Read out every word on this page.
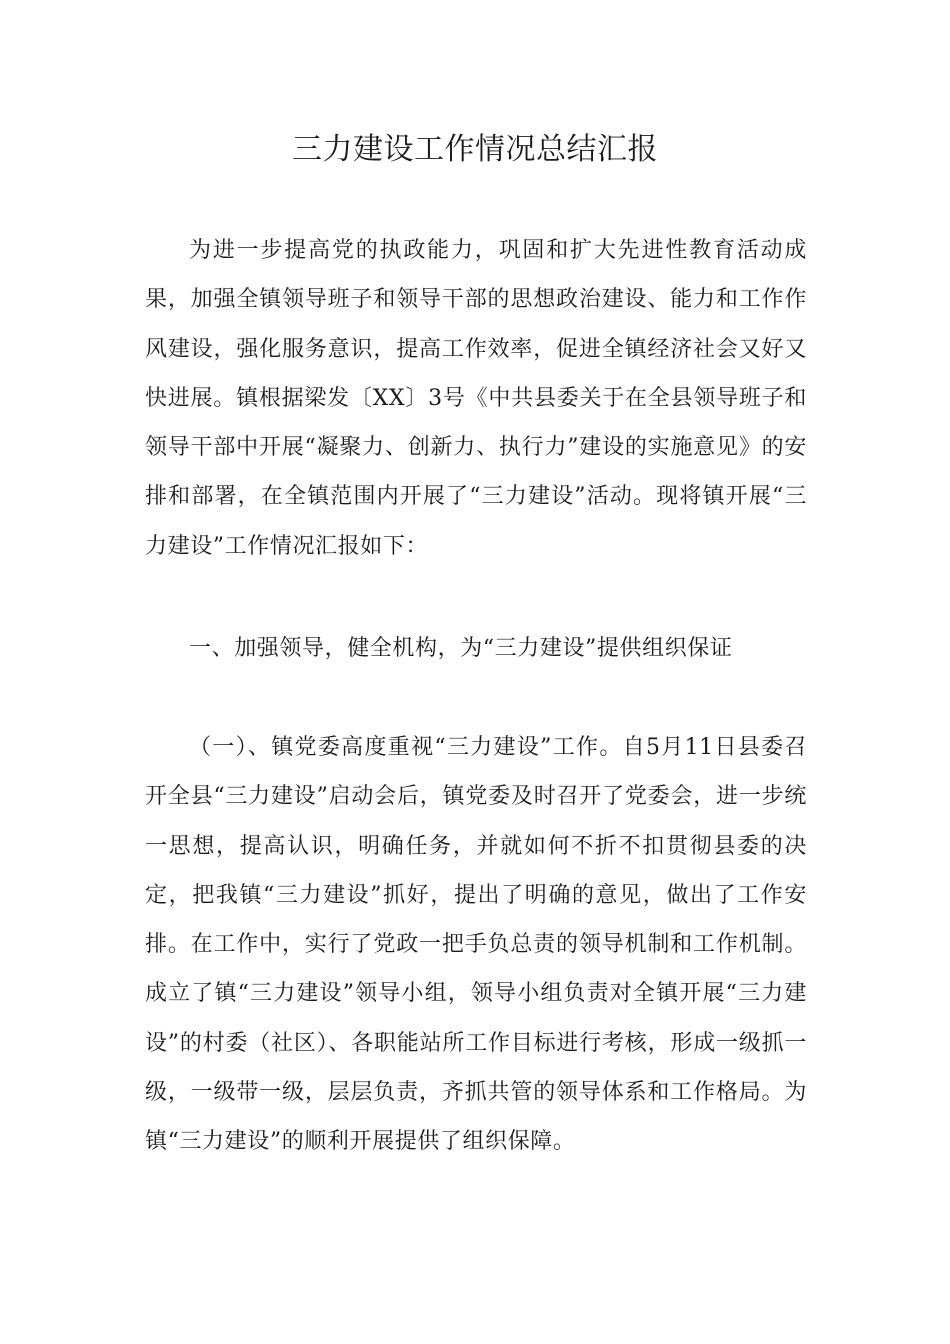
三力建设工作情况总结汇报

为进一步提高党的执政能力，巩固和扩大先进性教育活动成果，加强全镇领导班子和领导干部的思想政治建设、能力和工作作风建设，强化服务意识，提高工作效率，促进全镇经济社会又好又快进展。镇根据梁发〔XX〕3号《中共县委关于在全县领导班子和领导干部中开展“凝聚力、创新力、执行力”建设的实施意见》的安排和部署，在全镇范围内开展了“三力建设”活动。现将镇开展“三力建设”工作情况汇报如下：

一、加强领导，健全机构，为“三力建设”提供组织保证

（一）、镇党委高度重视“三力建设”工作。自5月11日县委召开全县“三力建设”启动会后，镇党委及时召开了党委会，进一步统一思想，提高认识，明确任务，并就如何不折不扣贯彻县委的决定，把我镇“三力建设”抓好，提出了明确的意见，做出了工作安排。在工作中，实行了党政一把手负总责的领导机制和工作机制。成立了镇“三力建设”领导小组，领导小组负责对全镇开展“三力建设”的村委（社区）、各职能站所工作目标进行考核，形成一级抓一级，一级带一级，层层负责，齐抓共管的领导体系和工作格局。为镇“三力建设”的顺利开展提供了组织保障。
